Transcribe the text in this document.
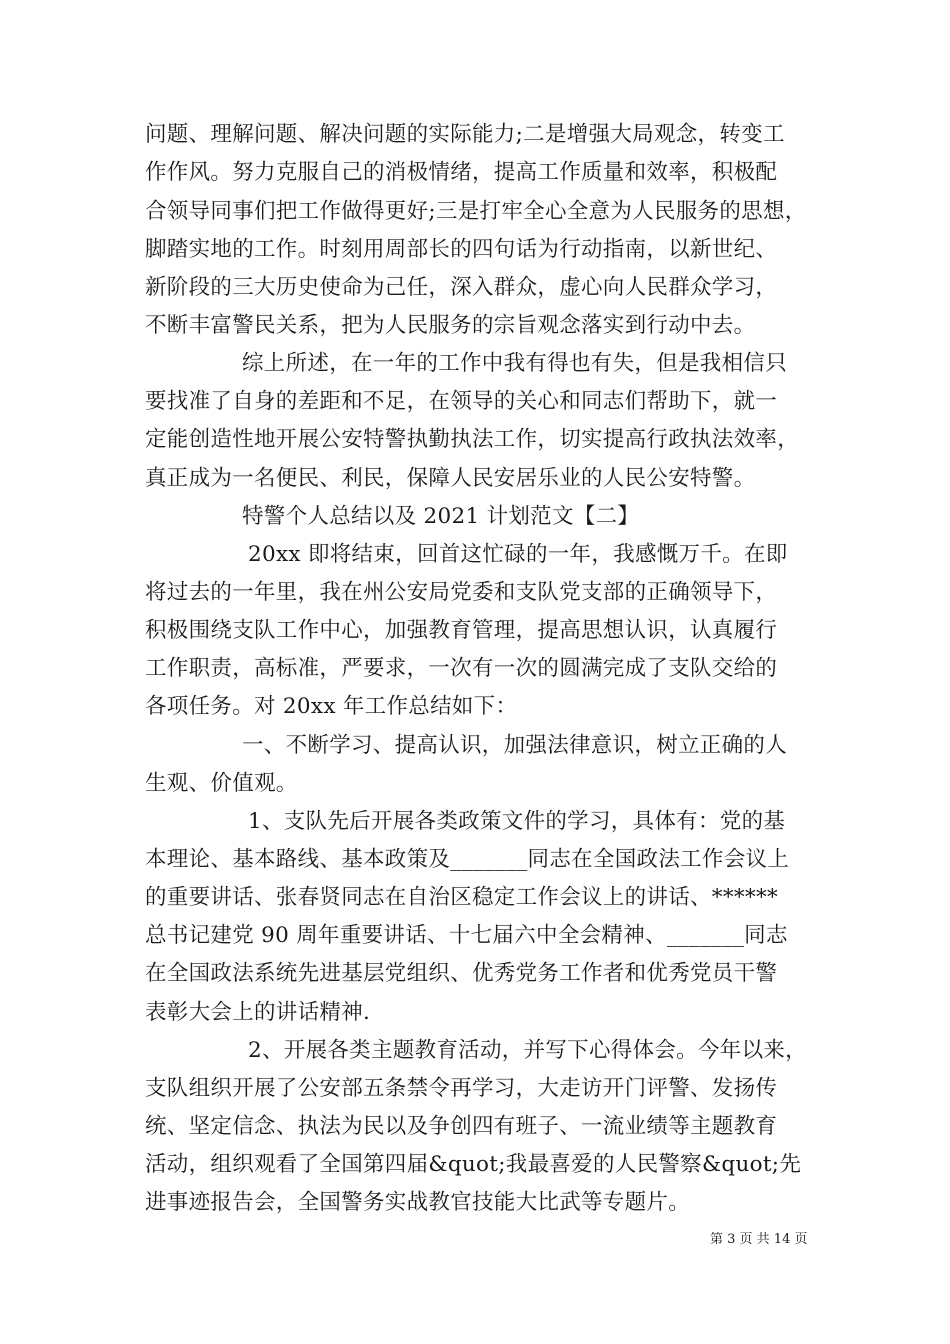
问题、理解问题、解决问题的实际能力;二是增强大局观念，转变工
作作风。努力克服自己的消极情绪，提高工作质量和效率，积极配
合领导同事们把工作做得更好;三是打牢全心全意为人民服务的思想，
脚踏实地的工作。时刻用周部长的四句话为行动指南，以新世纪、
新阶段的三大历史使命为己任，深入群众，虚心向人民群众学习，
不断丰富警民关系，把为人民服务的宗旨观念落实到行动中去。
综上所述，在一年的工作中我有得也有失，但是我相信只
要找准了自身的差距和不足，在领导的关心和同志们帮助下，就一
定能创造性地开展公安特警执勤执法工作，切实提高行政执法效率，
真正成为一名便民、利民，保障人民安居乐业的人民公安特警。
特警个人总结以及 2021 计划范文【二】
20xx 即将结束，回首这忙碌的一年，我感慨万千。在即
将过去的一年里，我在州公安局党委和支队党支部的正确领导下，
积极围绕支队工作中心，加强教育管理，提高思想认识，认真履行
工作职责，高标准，严要求，一次有一次的圆满完成了支队交给的
各项任务。对 20xx 年工作总结如下：
一、不断学习、提高认识，加强法律意识，树立正确的人
生观、价值观。
1、支队先后开展各类政策文件的学习，具体有：党的基
本理论、基本路线、基本政策及_______同志在全国政法工作会议上
的重要讲话、张春贤同志在自治区稳定工作会议上的讲话、******
总书记建党 90 周年重要讲话、十七届六中全会精神、_______同志
在全国政法系统先进基层党组织、优秀党务工作者和优秀党员干警
表彰大会上的讲话精神.
2、开展各类主题教育活动，并写下心得体会。今年以来，
支队组织开展了公安部五条禁令再学习，大走访开门评警、发扬传
统、坚定信念、执法为民以及争创四有班子、一流业绩等主题教育
活动，组织观看了全国第四届&quot;我最喜爱的人民警察&quot;先
进事迹报告会，全国警务实战教官技能大比武等专题片。
第 3 页 共 14 页
